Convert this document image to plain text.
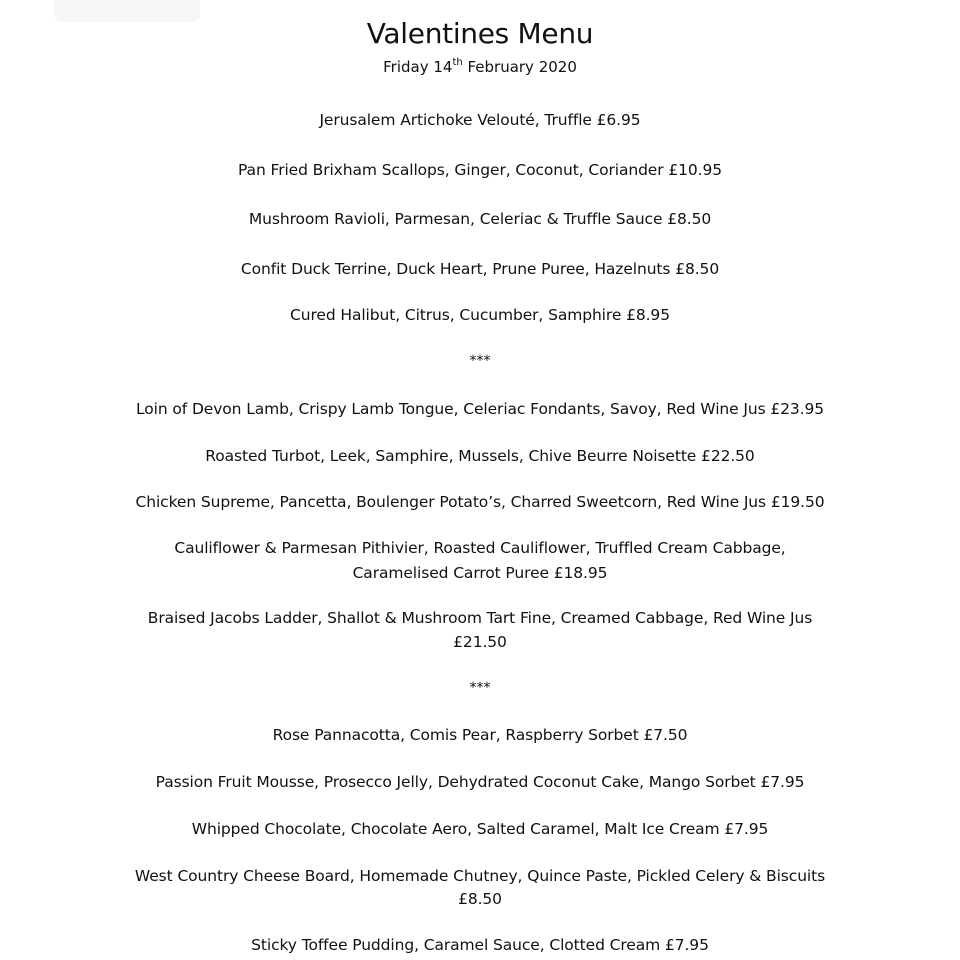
Valentines Menu
Friday 14th February 2020
Jerusalem Artichoke Velouté, Truffle £6.95
Pan Fried Brixham Scallops, Ginger, Coconut, Coriander £10.95
Mushroom Ravioli, Parmesan, Celeriac & Truffle Sauce £8.50
Confit Duck Terrine, Duck Heart, Prune Puree, Hazelnuts £8.50
Cured Halibut, Citrus, Cucumber, Samphire £8.95
***
Loin of Devon Lamb, Crispy Lamb Tongue, Celeriac Fondants, Savoy, Red Wine Jus £23.95
Roasted Turbot, Leek, Samphire, Mussels, Chive Beurre Noisette £22.50
Chicken Supreme, Pancetta, Boulenger Potato’s, Charred Sweetcorn, Red Wine Jus £19.50
Cauliflower & Parmesan Pithivier, Roasted Cauliflower, Truffled Cream Cabbage,
Caramelised Carrot Puree £18.95
Braised Jacobs Ladder, Shallot & Mushroom Tart Fine, Creamed Cabbage, Red Wine Jus
£21.50
***
Rose Pannacotta, Comis Pear, Raspberry Sorbet £7.50
Passion Fruit Mousse, Prosecco Jelly, Dehydrated Coconut Cake, Mango Sorbet £7.95
Whipped Chocolate, Chocolate Aero, Salted Caramel, Malt Ice Cream £7.95
West Country Cheese Board, Homemade Chutney, Quince Paste, Pickled Celery & Biscuits
£8.50
Sticky Toffee Pudding, Caramel Sauce, Clotted Cream £7.95
